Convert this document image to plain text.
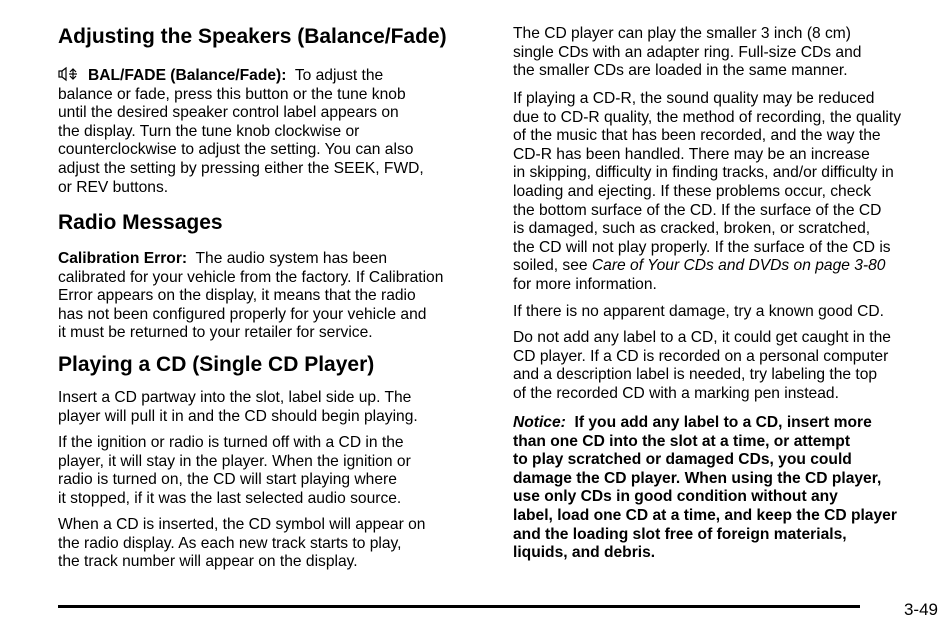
Adjusting the Speakers (Balance/Fade)

BAL/FADE (Balance/Fade): To adjust the
balance or fade, press this button or the tune knob
until the desired speaker control label appears on
the display. Turn the tune knob clockwise or
counterclockwise to adjust the setting. You can also
adjust the setting by pressing either the SEEK, FWD,
or REV buttons.

Radio Messages

Calibration Error: The audio system has been
calibrated for your vehicle from the factory. If Calibration
Error appears on the display, it means that the radio
has not been configured properly for your vehicle and
it must be returned to your retailer for service.

Playing a CD (Single CD Player)

Insert a CD partway into the slot, label side up. The
player will pull it in and the CD should begin playing.

If the ignition or radio is turned off with a CD in the
player, it will stay in the player. When the ignition or
radio is turned on, the CD will start playing where
it stopped, if it was the last selected audio source.

When a CD is inserted, the CD symbol will appear on
the radio display. As each new track starts to play,
the track number will appear on the display.

The CD player can play the smaller 3 inch (8 cm)
single CDs with an adapter ring. Full-size CDs and
the smaller CDs are loaded in the same manner.

If playing a CD-R, the sound quality may be reduced
due to CD-R quality, the method of recording, the quality
of the music that has been recorded, and the way the
CD-R has been handled. There may be an increase
in skipping, difficulty in finding tracks, and/or difficulty in
loading and ejecting. If these problems occur, check
the bottom surface of the CD. If the surface of the CD
is damaged, such as cracked, broken, or scratched,
the CD will not play properly. If the surface of the CD is
soiled, see Care of Your CDs and DVDs on page 3-80
for more information.

If there is no apparent damage, try a known good CD.

Do not add any label to a CD, it could get caught in the
CD player. If a CD is recorded on a personal computer
and a description label is needed, try labeling the top
of the recorded CD with a marking pen instead.

Notice: If you add any label to a CD, insert more
than one CD into the slot at a time, or attempt
to play scratched or damaged CDs, you could
damage the CD player. When using the CD player,
use only CDs in good condition without any
label, load one CD at a time, and keep the CD player
and the loading slot free of foreign materials,
liquids, and debris.

3-49
